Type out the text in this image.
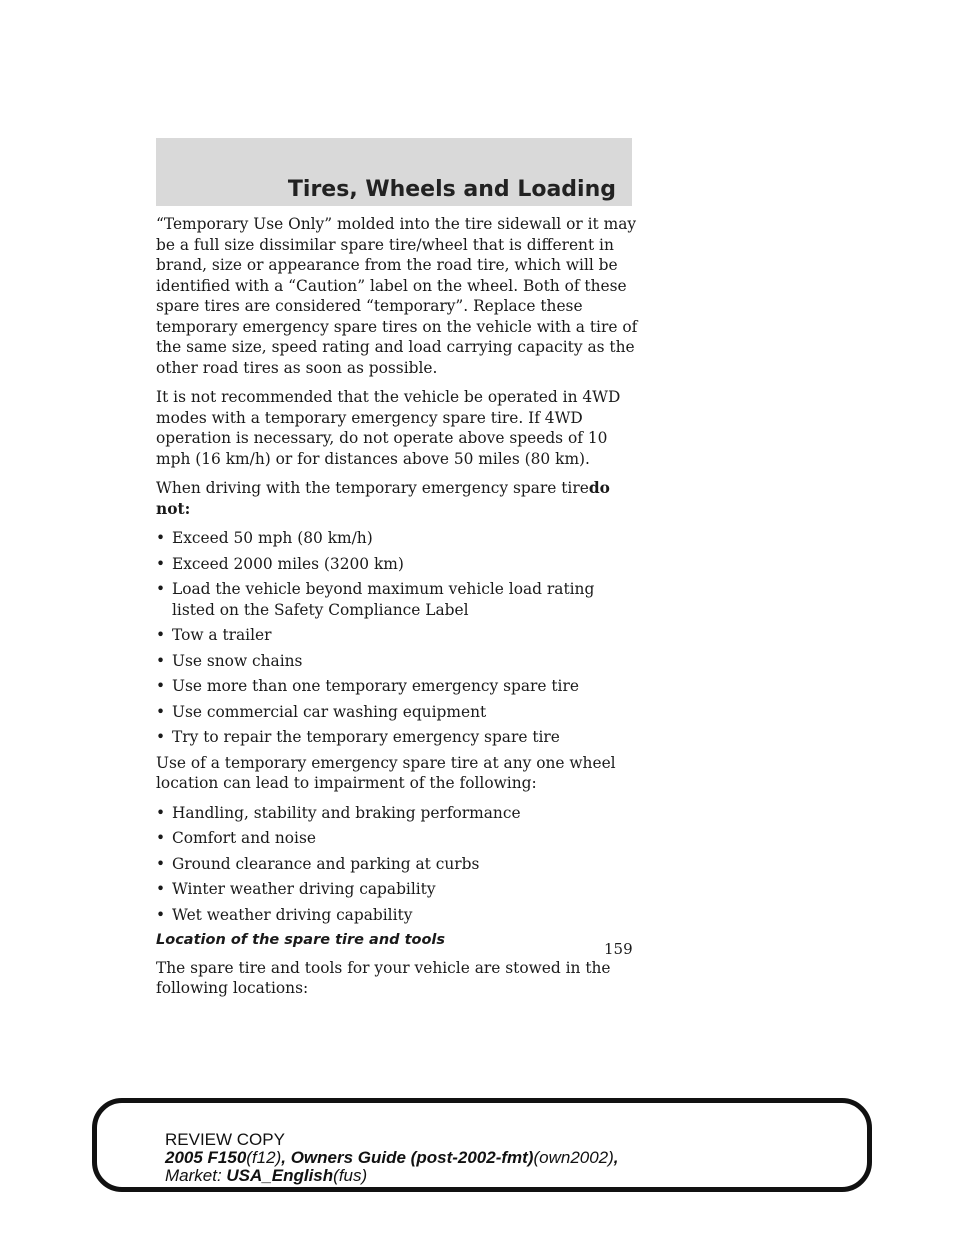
Tires, Wheels and Loading

“Temporary Use Only” molded into the tire sidewall or it may be a full size dissimilar spare tire/wheel that is different in brand, size or appearance from the road tire, which will be identified with a “Caution” label on the wheel. Both of these spare tires are considered “temporary”. Replace these temporary emergency spare tires on the vehicle with a tire of the same size, speed rating and load carrying capacity as the other road tires as soon as possible.

It is not recommended that the vehicle be operated in 4WD modes with a temporary emergency spare tire. If 4WD operation is necessary, do not operate above speeds of 10 mph (16 km/h) or for distances above 50 miles (80 km).

When driving with the temporary emergency spare tiredo not:

• Exceed 50 mph (80 km/h)
• Exceed 2000 miles (3200 km)
• Load the vehicle beyond maximum vehicle load rating listed on the Safety Compliance Label
• Tow a trailer
• Use snow chains
• Use more than one temporary emergency spare tire
• Use commercial car washing equipment
• Try to repair the temporary emergency spare tire

Use of a temporary emergency spare tire at any one wheel location can lead to impairment of the following:

• Handling, stability and braking performance
• Comfort and noise
• Ground clearance and parking at curbs
• Winter weather driving capability
• Wet weather driving capability
Location of the spare tire and tools

The spare tire and tools for your vehicle are stowed in the following locations:

159
REVIEW COPY
2005 F150(f12), Owners Guide (post-2002-fmt)(own2002),
Market: USA_English(fus)
